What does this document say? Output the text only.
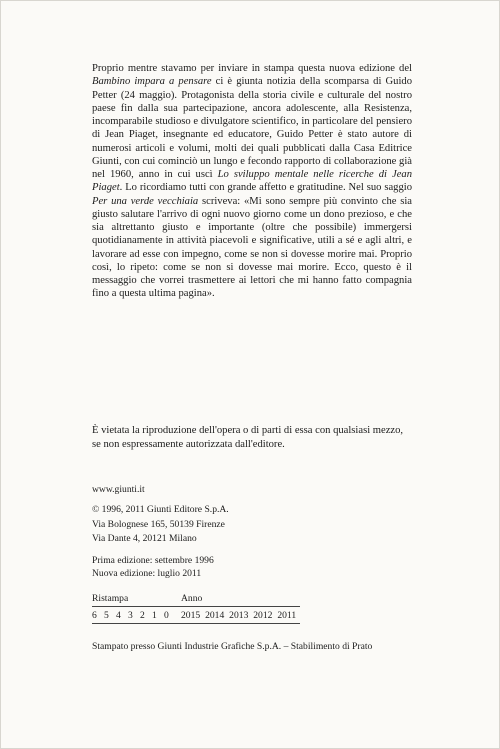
Proprio mentre stavamo per inviare in stampa questa nuova edizione del Bambino impara a pensare ci è giunta notizia della scomparsa di Guido Petter (24 maggio). Protagonista della storia civile e culturale del nostro paese fin dalla sua partecipazione, ancora adolescente, alla Resistenza, incomparabile studioso e divulgatore scientifico, in particolare del pensiero di Jean Piaget, insegnante ed educatore, Guido Petter è stato autore di numerosi articoli e volumi, molti dei quali pubblicati dalla Casa Editrice Giunti, con cui cominciò un lungo e fecondo rapporto di collaborazione già nel 1960, anno in cui uscì Lo sviluppo mentale nelle ricerche di Jean Piaget. Lo ricordiamo tutti con grande affetto e gratitudine. Nel suo saggio Per una verde vecchiaia scriveva: «Mi sono sempre più convinto che sia giusto salutare l'arrivo di ogni nuovo giorno come un dono prezioso, e che sia altrettanto giusto e importante (oltre che possibile) immergersi quotidianamente in attività piacevoli e significative, utili a sé e agli altri, e lavorare ad esse con impegno, come se non si dovesse morire mai. Proprio così, lo ripeto: come se non si dovesse mai morire. Ecco, questo è il messaggio che vorrei trasmettere ai lettori che mi hanno fatto compagnia fino a questa ultima pagina».

È vietata la riproduzione dell'opera o di parti di essa con qualsiasi mezzo,

se non espressamente autorizzata dall'editore.

www.giunti.it
© 1996, 2011 Giunti Editore S.p.A.
Via Bolognese 165, 50139 Firenze
Via Dante 4, 20121 Milano
Prima edizione: settembre 1996
Nuova edizione: luglio 2011
Ristampa	Anno
6 5 4 3 2 1 0	2015 2014 2013 2012 2011
Stampato presso Giunti Industrie Grafiche S.p.A. – Stabilimento di Prato
